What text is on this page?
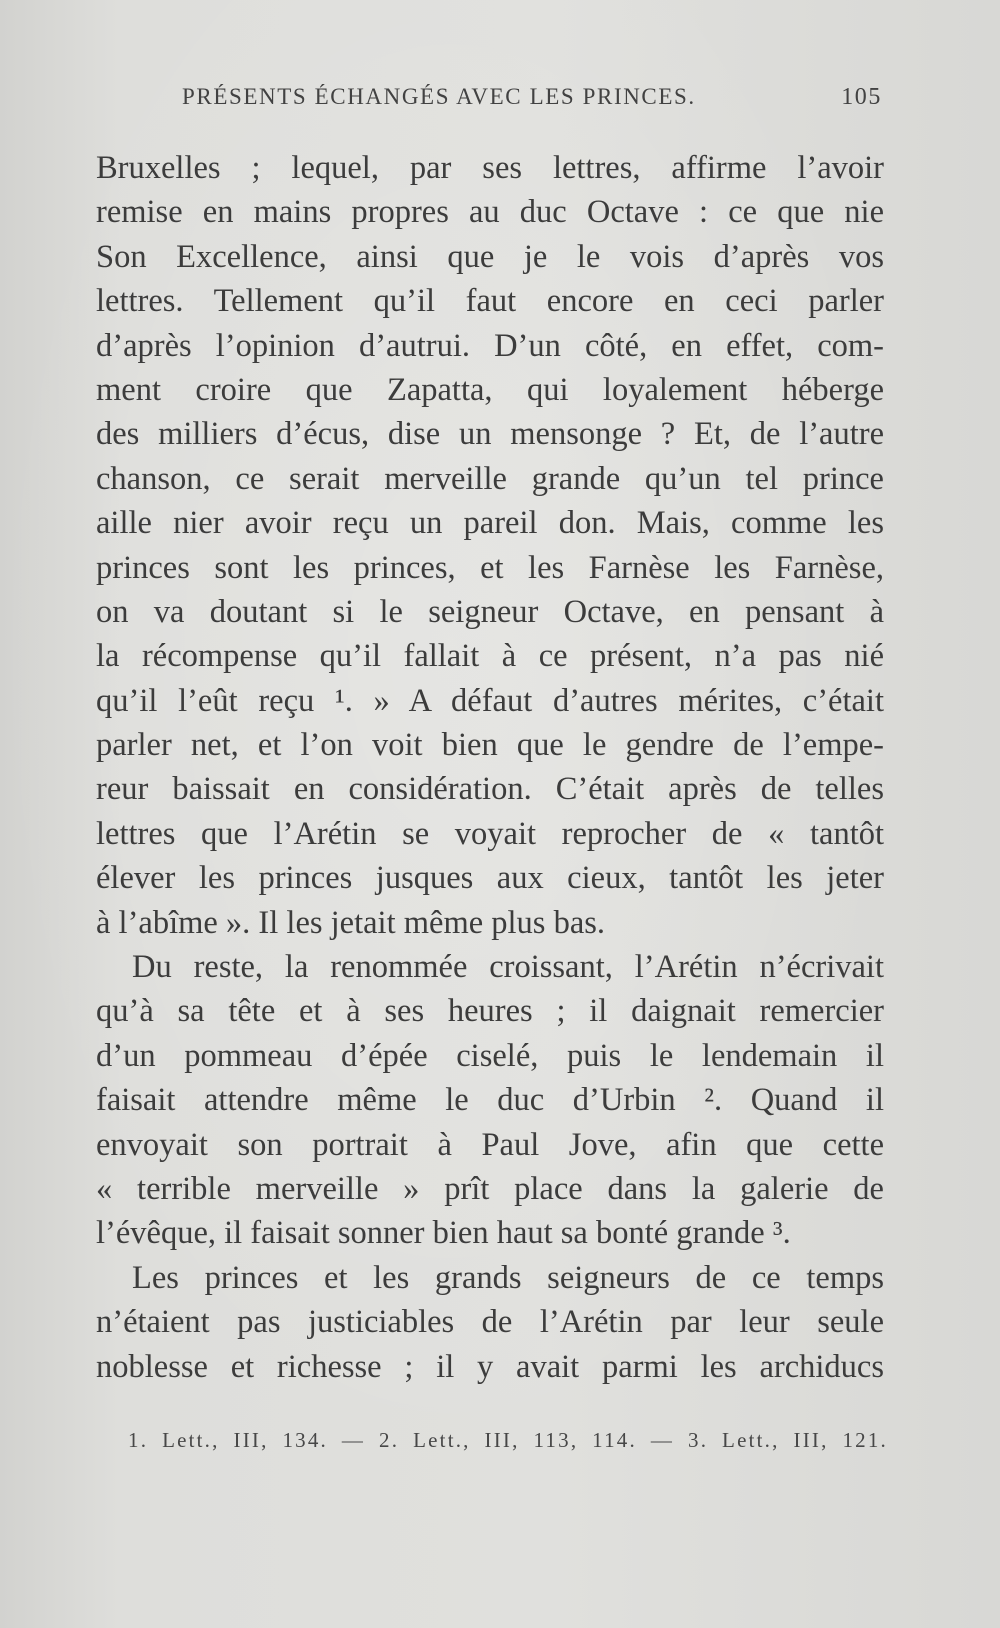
PRÉSENTS ÉCHANGÉS AVEC LES PRINCES.	105
Bruxelles ; lequel, par ses lettres, affirme l’avoir
remise en mains propres au duc Octave : ce que nie
Son Excellence, ainsi que je le vois d’après vos
lettres. Tellement qu’il faut encore en ceci parler
d’après l’opinion d’autrui. D’un côté, en effet, com-
ment croire que Zapatta, qui loyalement héberge
des milliers d’écus, dise un mensonge ? Et, de l’autre
chanson, ce serait merveille grande qu’un tel prince
aille nier avoir reçu un pareil don. Mais, comme les
princes sont les princes, et les Farnèse les Farnèse,
on va doutant si le seigneur Octave, en pensant à
la récompense qu’il fallait à ce présent, n’a pas nié
qu’il l’eût reçu ¹. » A défaut d’autres mérites, c’était
parler net, et l’on voit bien que le gendre de l’empe-
reur baissait en considération. C’était après de telles
lettres que l’Arétin se voyait reprocher de « tantôt
élever les princes jusques aux cieux, tantôt les jeter
à l’abîme ». Il les jetait même plus bas.
Du reste, la renommée croissant, l’Arétin n’écrivait
qu’à sa tête et à ses heures ; il daignait remercier
d’un pommeau d’épée ciselé, puis le lendemain il
faisait attendre même le duc d’Urbin ². Quand il
envoyait son portrait à Paul Jove, afin que cette
« terrible merveille » prît place dans la galerie de
l’évêque, il faisait sonner bien haut sa bonté grande ³.
Les princes et les grands seigneurs de ce temps
n’étaient pas justiciables de l’Arétin par leur seule
noblesse et richesse ; il y avait parmi les archiducs
1. Lett., III, 134. — 2. Lett., III, 113, 114. — 3. Lett., III, 121.
